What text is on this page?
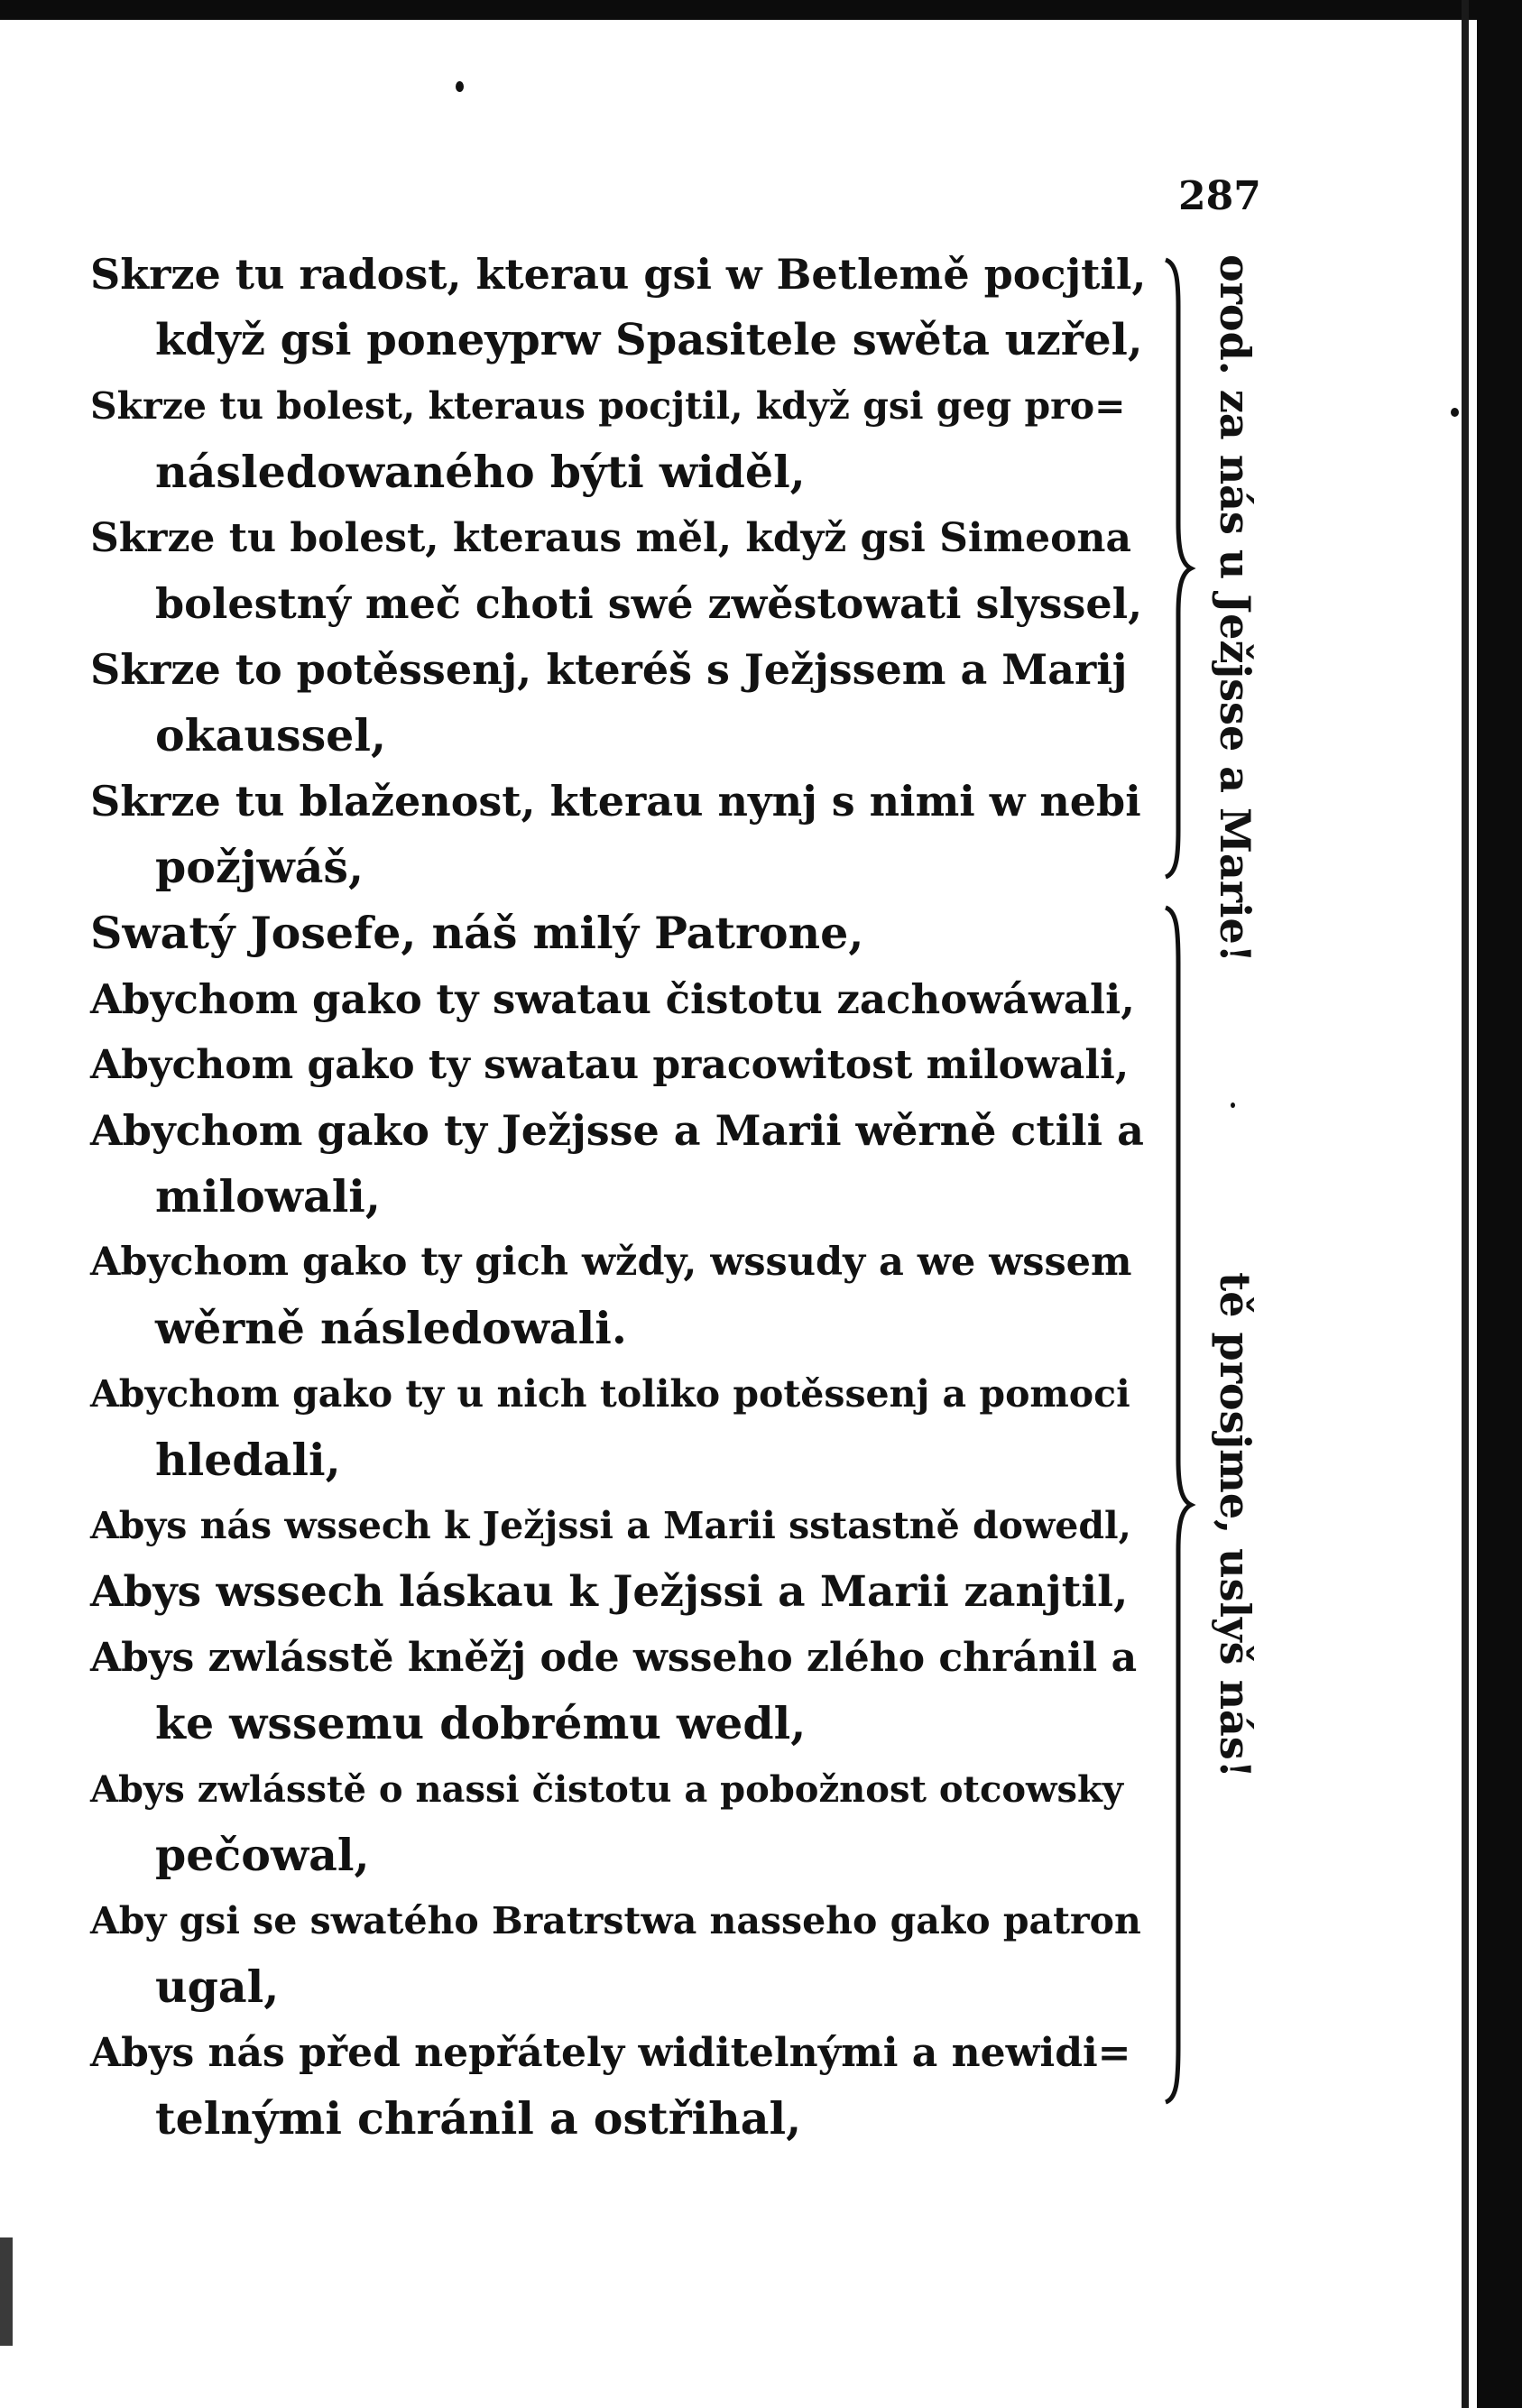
287
Skrze tu radost, kterau gsi w Betlemě pocjtil,
když gsi poneyprw Spasitele swěta uzřel,
Skrze tu bolest, kteraus pocjtil, když gsi geg pro=
následowaného býti widěl,
Skrze tu bolest, kteraus měl, když gsi Simeona
bolestný meč choti swé zwěstowati slyssel,
Skrze to potěssenj, kteréš s Ježjssem a Marij
okaussel,
Skrze tu blaženost, kterau nynj s nimi w nebi
požjwáš,
Swatý Josefe, náš milý Patrone,
Abychom gako ty swatau čistotu zachowáwali,
Abychom gako ty swatau pracowitost milowali,
Abychom gako ty Ježjsse a Marii wěrně ctili a
milowali,
Abychom gako ty gich wždy, wssudy a we wssem
wěrně následowali.
Abychom gako ty u nich toliko potěssenj a pomoci
hledali,
Abys nás wssech k Ježjssi a Marii sstastně dowedl,
Abys wssech láskau k Ježjssi a Marii zanjtil,
Abys zwlásstě kněžj ode wsseho zlého chránil a
ke wssemu dobrému wedl,
Abys zwlásstě o nassi čistotu a pobožnost otcowsky
pečowal,
Aby gsi se swatého Bratrstwa nasseho gako patron
ugal,
Abys nás před nepřátely widitelnými a newidi=
telnými chránil a ostřihal,
orod. za nás u Ježjsse a Marie!
tě prosjme, uslyš nás!
